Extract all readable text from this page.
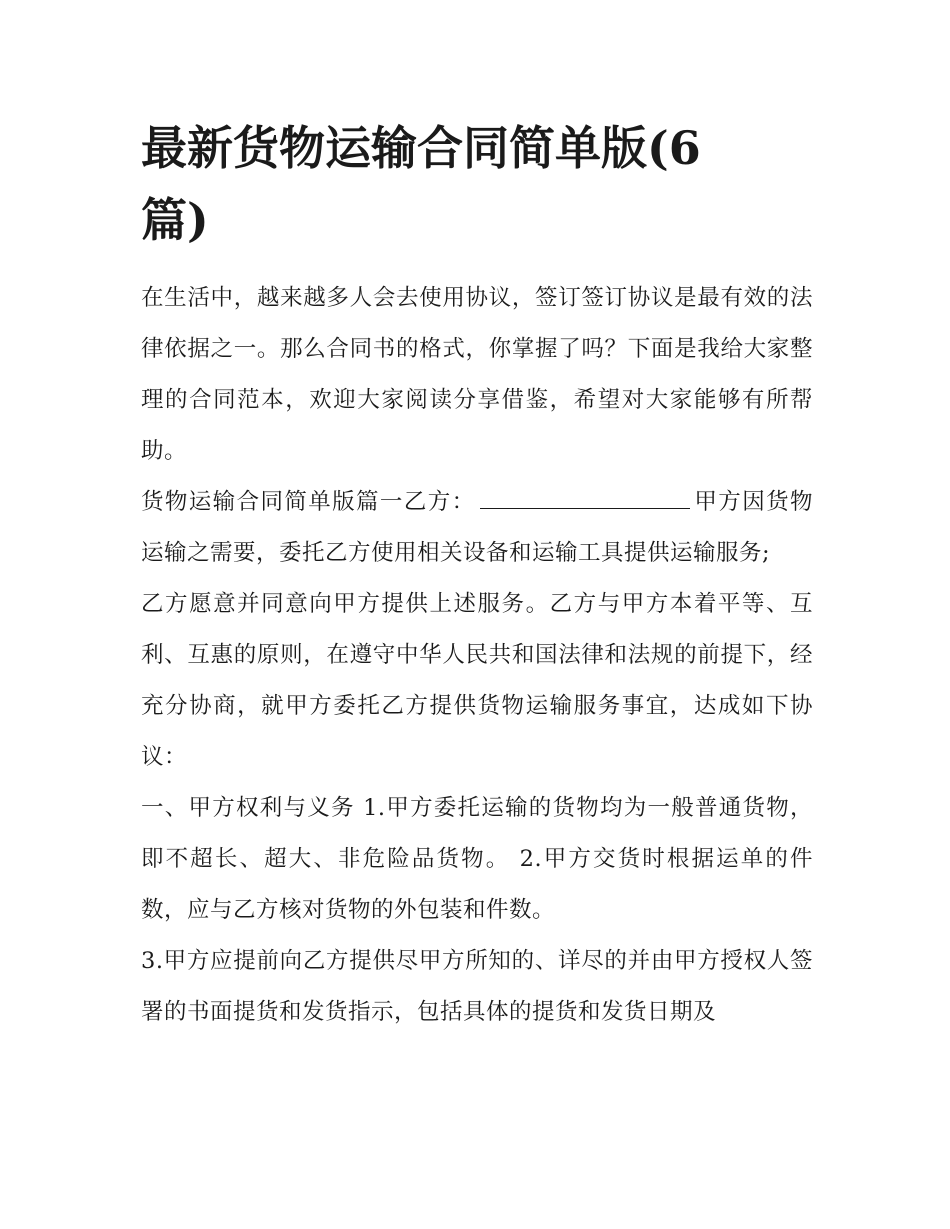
最新货物运输合同简单版(6篇)

在生活中，越来越多人会去使用协议，签订签订协议是最有效的法律依据之一。那么合同书的格式，你掌握了吗？下面是我给大家整理的合同范本，欢迎大家阅读分享借鉴，希望对大家能够有所帮助。

货物运输合同简单版篇一乙方：	甲方因货物运输之需要，委托乙方使用相关设备和运输工具提供运输服务;

乙方愿意并同意向甲方提供上述服务。乙方与甲方本着平等、互利、互惠的原则，在遵守中华人民共和国法律和法规的前提下，经充分协商，就甲方委托乙方提供货物运输服务事宜，达成如下协议：

一、甲方权利与义务 1.甲方委托运输的货物均为一般普通货物，即不超长、超大、非危险品货物。 2.甲方交货时根据运单的件数，应与乙方核对货物的外包装和件数。

3.甲方应提前向乙方提供尽甲方所知的、详尽的并由甲方授权人签署的书面提货和发货指示，包括具体的提货和发货日期及
